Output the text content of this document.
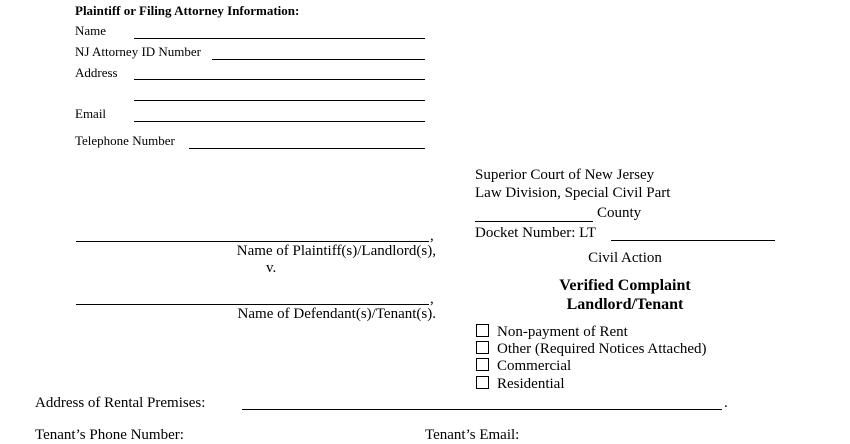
Plaintiff or Filing Attorney Information:
Name
NJ Attorney ID Number
Address
Email
Telephone Number
Superior Court of New Jersey
Law Division, Special Civil Part
County
Docket Number: LT
Civil Action
Verified Complaint
Landlord/Tenant
,
Name of Plaintiff(s)/Landlord(s),
v.
,
Name of Defendant(s)/Tenant(s).
Non-payment of Rent
Other (Required Notices Attached)
Commercial
Residential
Address of Rental Premises:	.
Tenant’s Phone Number:	Tenant’s Email:
